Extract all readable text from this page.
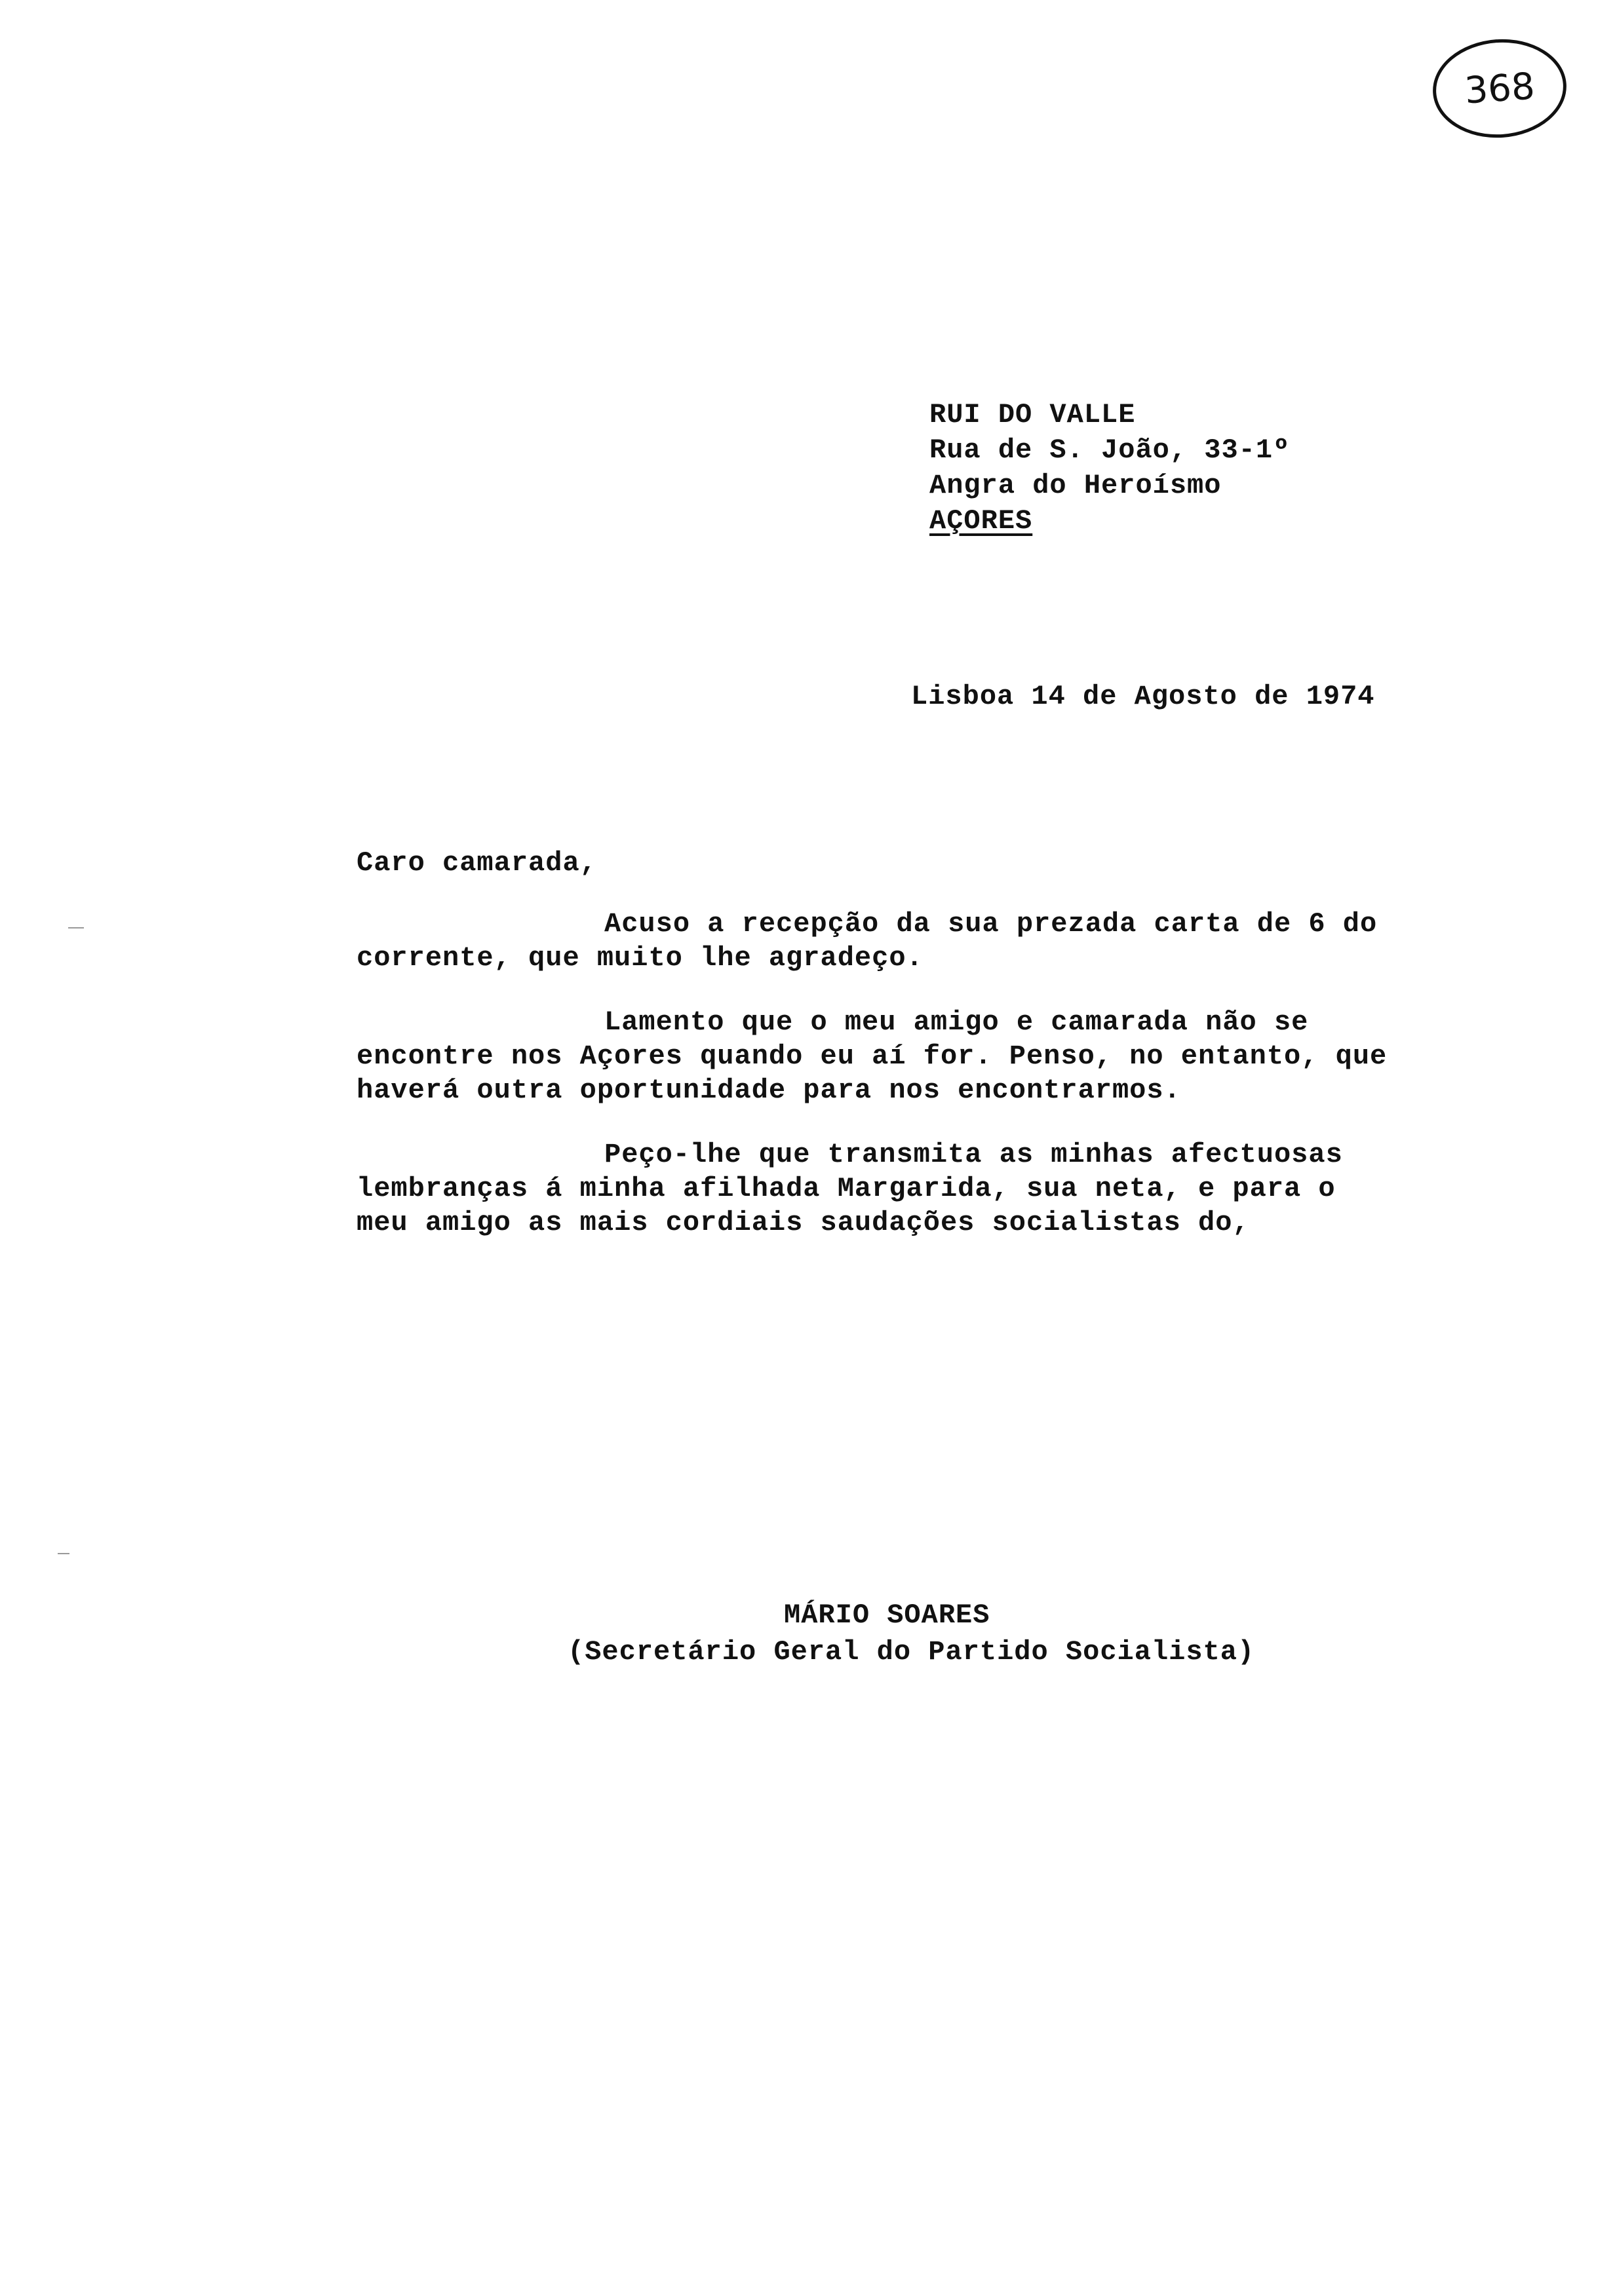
368
RUI DO VALLE
Rua de S. João, 33-1º
Angra do Heroísmo
AÇORES
Lisboa 14 de Agosto de 1974
Caro camarada,
Acuso a recepção da sua prezada carta de 6 do
corrente, que muito lhe agradeço.
Lamento que o meu amigo e camarada não se
encontre nos Açores quando eu aí for. Penso, no entanto, que
haverá outra oportunidade para nos encontrarmos.
Peço-lhe que transmita as minhas afectuosas
lembranças á minha afilhada Margarida, sua neta, e para o
meu amigo as mais cordiais saudações socialistas do,
MÁRIO SOARES
(Secretário Geral do Partido Socialista)
